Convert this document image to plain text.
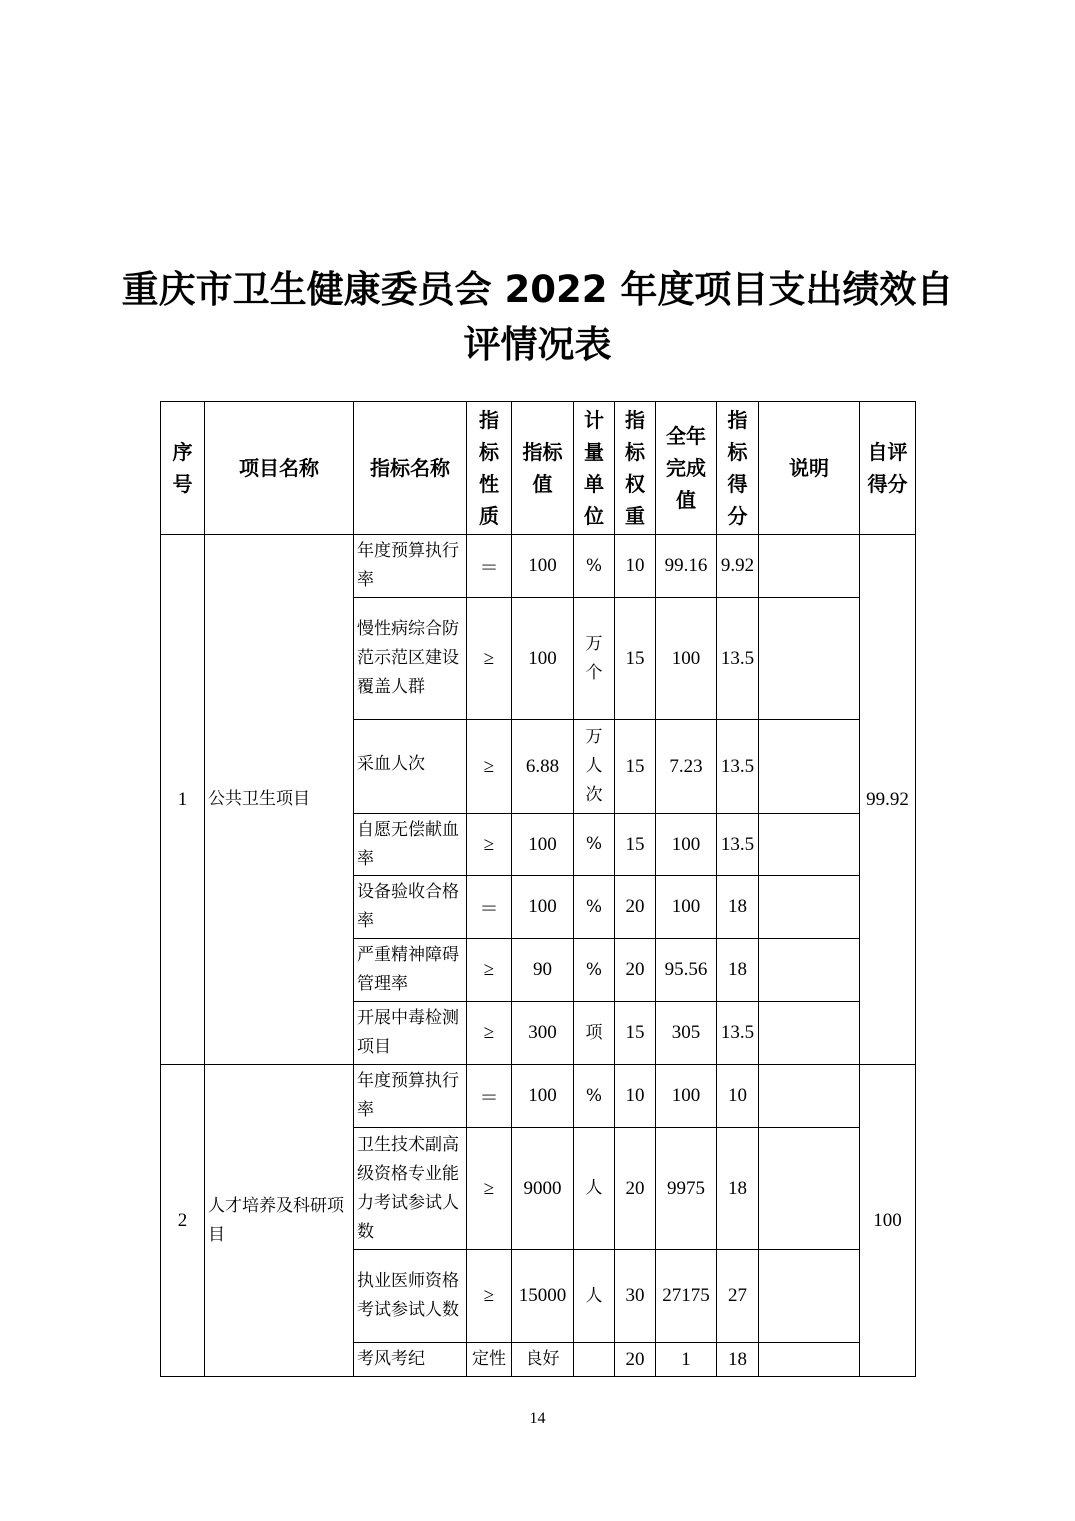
重庆市卫生健康委员会 2022 年度项目支出绩效自
评情况表
序号	项目名称	指标名称	指标性质	指标值	计量单位	指标权重	全年完成值	指标得分	说明	自评得分

1	公共卫生项目	年度预算执行率	＝	100	%	10	99.16	9.92		99.92
		慢性病综合防范示范区建设覆盖人群	≥	100	万个	15	100	13.5		
		采血人次	≥	6.88	万人次	15	7.23	13.5		
		自愿无偿献血率	≥	100	%	15	100	13.5		
		设备验收合格率	＝	100	%	20	100	18		
		严重精神障碍管理率	≥	90	%	20	95.56	18		
		开展中毒检测项目	≥	300	项	15	305	13.5		
2	人才培养及科研项目	年度预算执行率	＝	100	%	10	100	10		100
		卫生技术副高级资格专业能力考试参试人数	≥	9000	人	20	9975	18		
		执业医师资格考试参试人数	≥	15000	人	30	27175	27		
		考风考纪	定性	良好		20	1	18		
14
